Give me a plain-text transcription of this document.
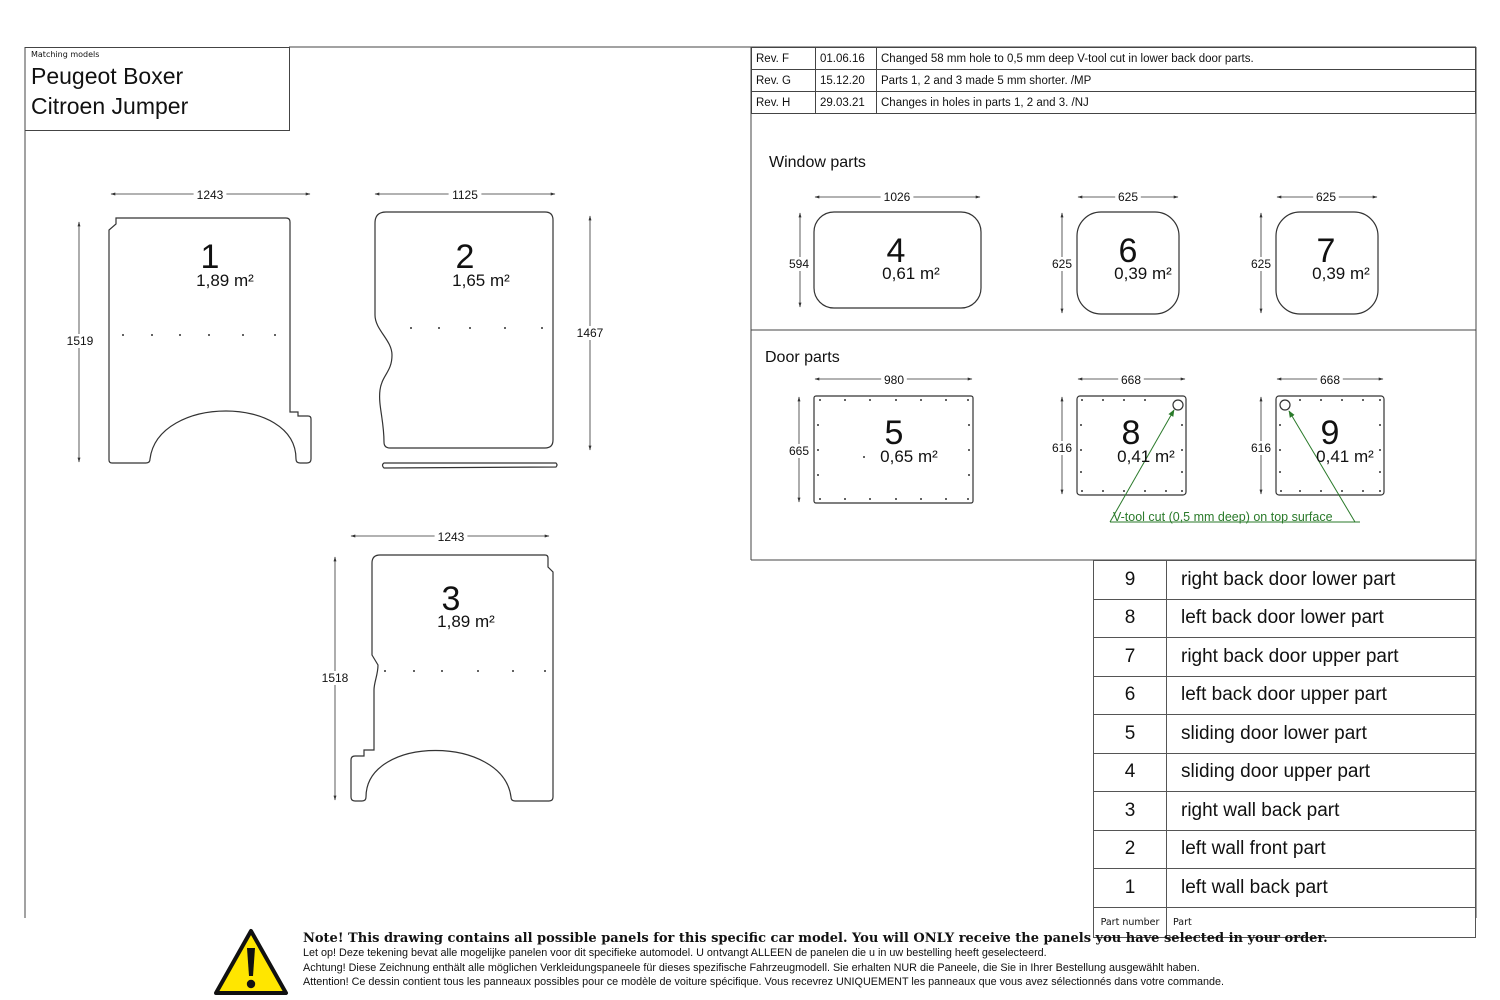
V-tool cut (0,5 mm deep) on top surface
Window parts
Door parts
1
1,89 m²
1243
1519
2
1,65 m²
1125
1467
3
1,89 m²
1243
1518
4
0,61 m²
1026
594	6
0,39 m²
625
625	7
0,39 m²
625
625
5
0,65 m²
980
665	8
0,41 m²
668
616	9
0,41 m²
668
616
Matching models
Peugeot Boxer
Citroen Jumper
Rev. F	01.06.16	Changed 58 mm hole to 0,5 mm deep V-tool cut in lower back door parts.
Rev. G	15.12.20	Parts 1, 2 and 3 made 5 mm shorter. /MP
Rev. H	29.03.21	Changes in holes in parts 1, 2 and 3. /NJ
9	right back door lower part
8	left back door lower part
7	right back door upper part
6	left back door upper part
5	sliding door lower part
4	sliding door upper part
3	right wall back part
2	left wall front part
1	left wall back part
Part number	Part
Note! This drawing contains all possible panels for this specific car model. You will ONLY receive the panels you have selected in your order.
Let op! Deze tekening bevat alle mogelijke panelen voor dit specifieke automodel. U ontvangt ALLEEN de panelen die u in uw bestelling heeft geselecteerd.
Achtung! Diese Zeichnung enthält alle möglichen Verkleidungspaneele für dieses spezifische Fahrzeugmodell. Sie erhalten NUR die Paneele, die Sie in Ihrer Bestellung ausgewählt haben.
Attention! Ce dessin contient tous les panneaux possibles pour ce modèle de voiture spécifique. Vous recevrez UNIQUEMENT les panneaux que vous avez sélectionnés dans votre commande.
